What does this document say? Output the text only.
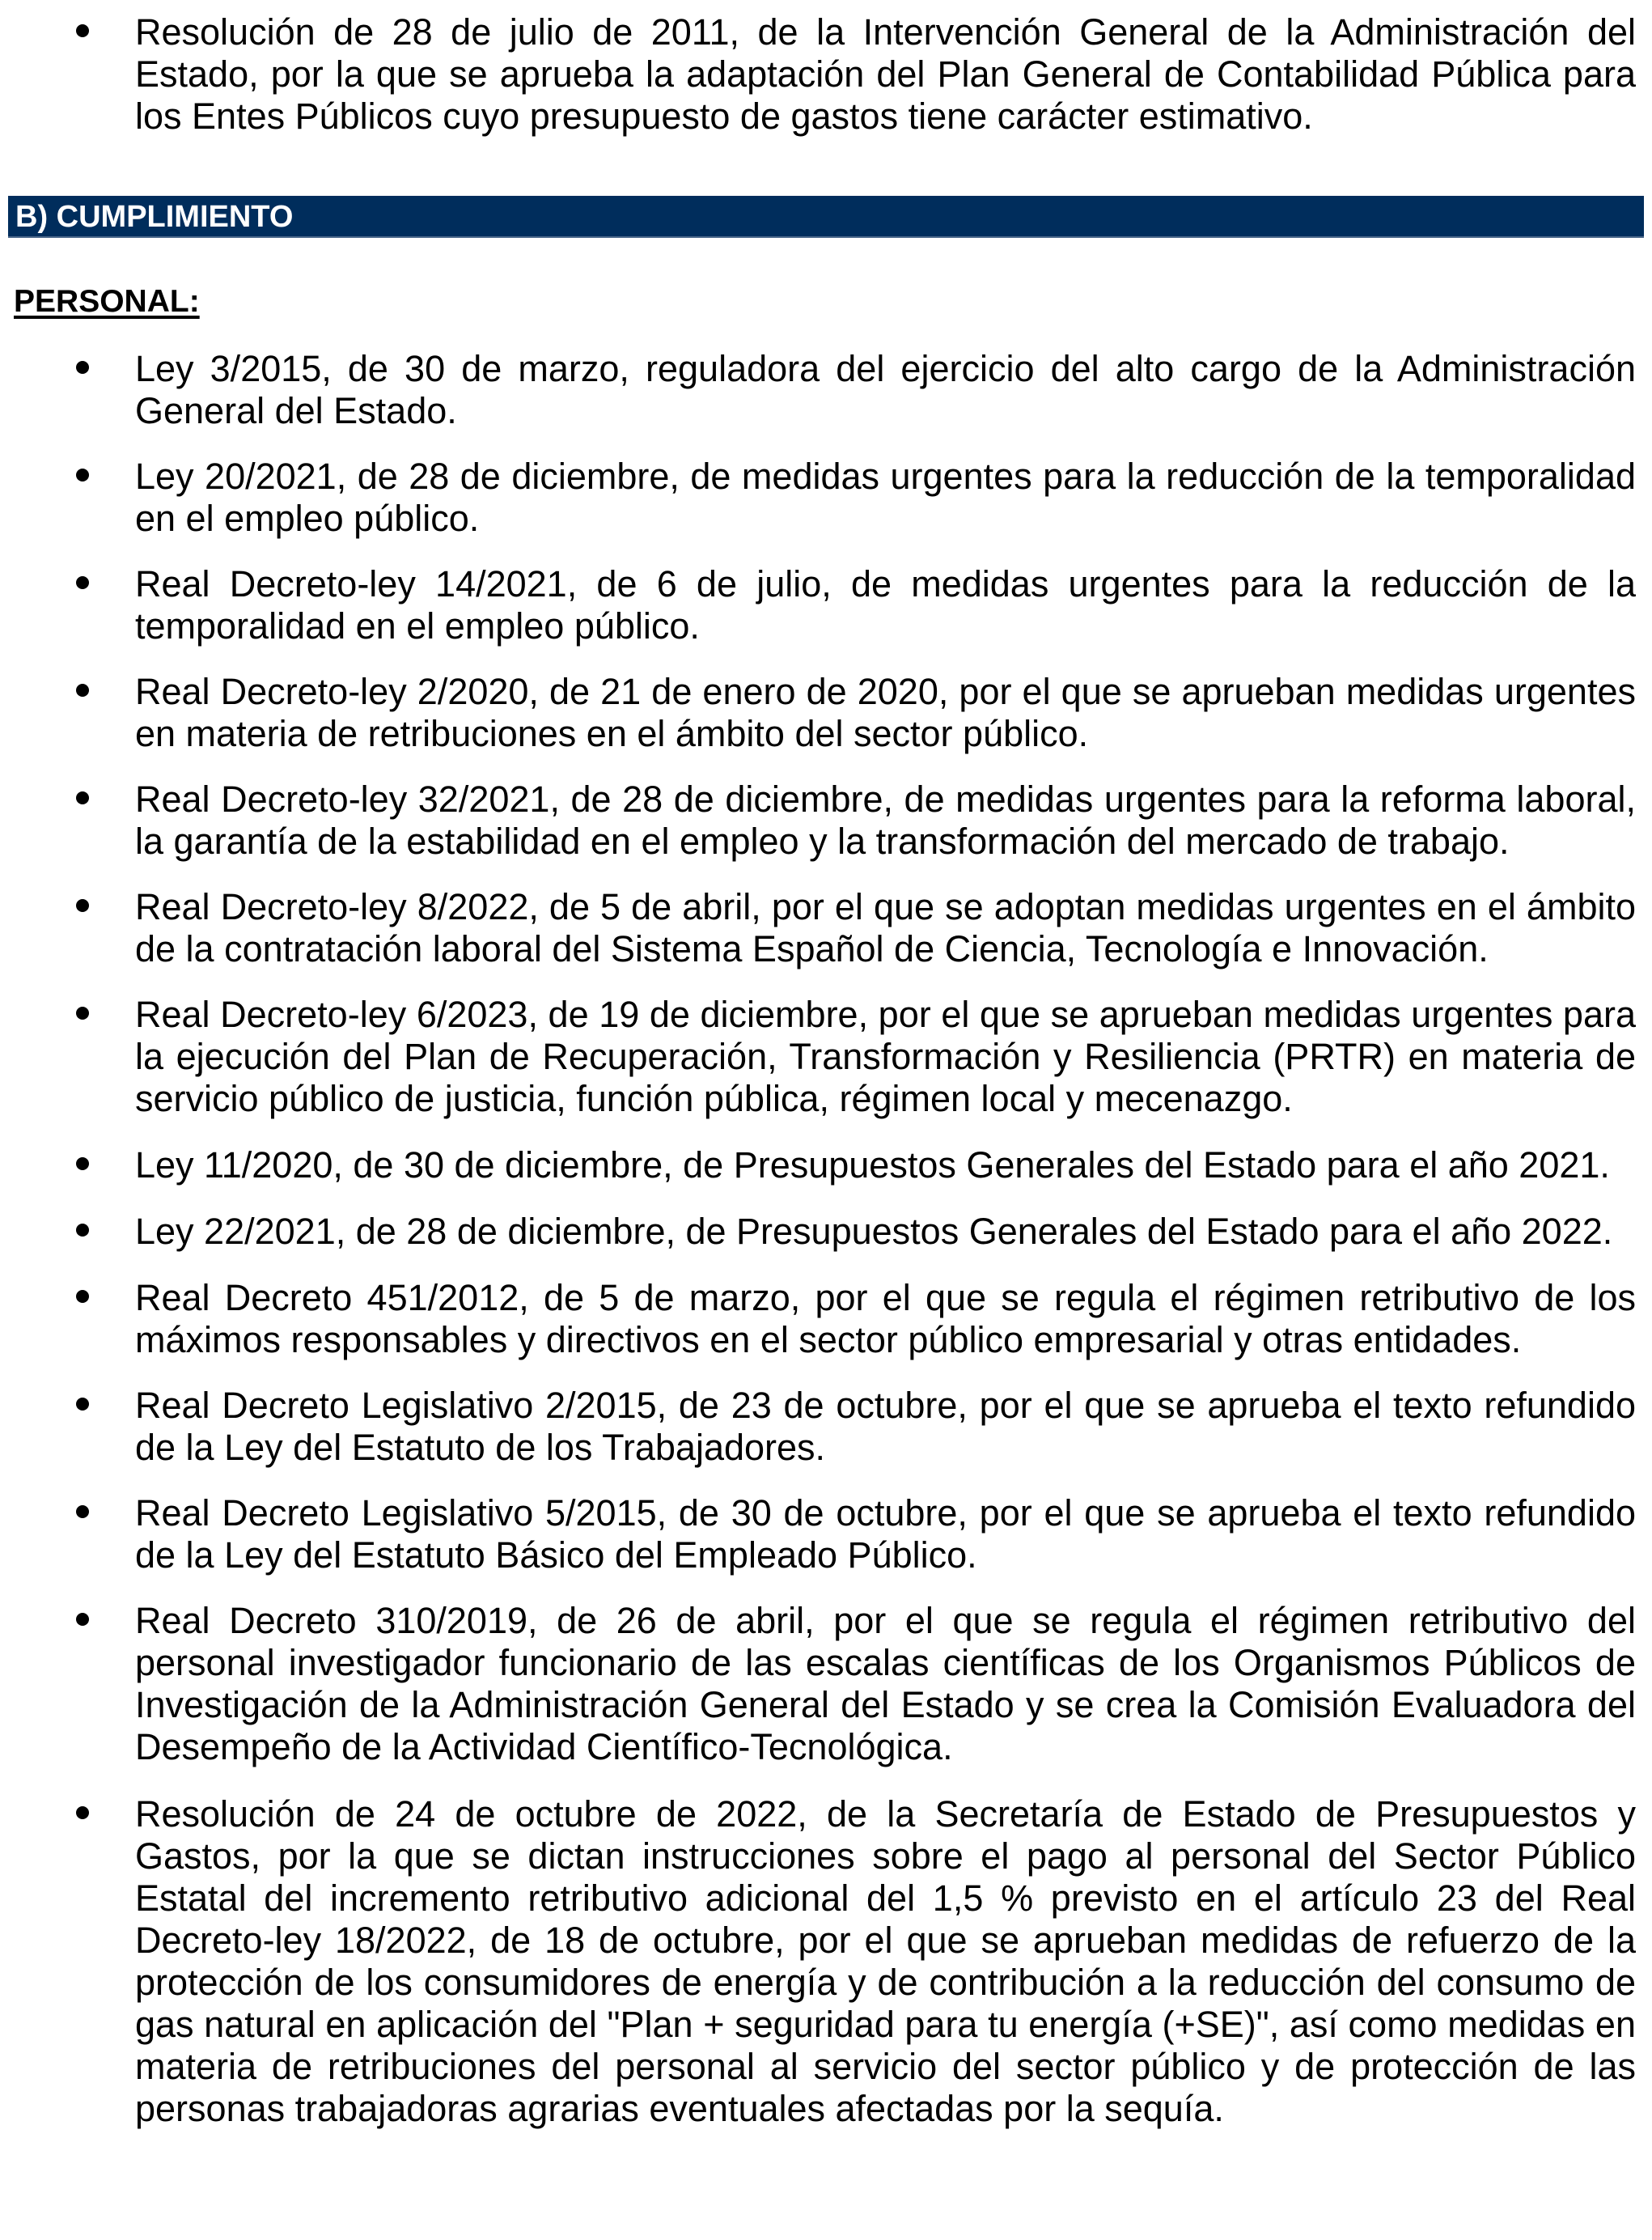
Resolución de 28 de julio de 2011, de la Intervención General de la Administración del Estado, por la que se aprueba la adaptación del Plan General de Contabilidad Pública para los Entes Públicos cuyo presupuesto de gastos tiene carácter estimativo.

B) CUMPLIMIENTO
PERSONAL:

Ley 3/2015, de 30 de marzo, reguladora del ejercicio del alto cargo de la Administración General del Estado.

Ley 20/2021, de 28 de diciembre, de medidas urgentes para la reducción de la temporalidad en el empleo público.

Real Decreto-ley 14/2021, de 6 de julio, de medidas urgentes para la reducción de la temporalidad en el empleo público.

Real Decreto-ley 2/2020, de 21 de enero de 2020, por el que se aprueban medidas urgentes en materia de retribuciones en el ámbito del sector público.

Real Decreto-ley 32/2021, de 28 de diciembre, de medidas urgentes para la reforma laboral, la garantía de la estabilidad en el empleo y la transformación del mercado de trabajo.

Real Decreto-ley 8/2022, de 5 de abril, por el que se adoptan medidas urgentes en el ámbito de la contratación laboral del Sistema Español de Ciencia, Tecnología e Innovación.

Real Decreto-ley 6/2023, de 19 de diciembre, por el que se aprueban medidas urgentes para la ejecución del Plan de Recuperación, Transformación y Resiliencia (PRTR) en materia de servicio público de justicia, función pública, régimen local y mecenazgo.

Ley 11/2020, de 30 de diciembre, de Presupuestos Generales del Estado para el año 2021.

Ley 22/2021, de 28 de diciembre, de Presupuestos Generales del Estado para el año 2022.

Real Decreto 451/2012, de 5 de marzo, por el que se regula el régimen retributivo de los máximos responsables y directivos en el sector público empresarial y otras entidades.

Real Decreto Legislativo 2/2015, de 23 de octubre, por el que se aprueba el texto refundido de la Ley del Estatuto de los Trabajadores.

Real Decreto Legislativo 5/2015, de 30 de octubre, por el que se aprueba el texto refundido de la Ley del Estatuto Básico del Empleado Público.

Real Decreto 310/2019, de 26 de abril, por el que se regula el régimen retributivo del personal investigador funcionario de las escalas científicas de los Organismos Públicos de Investigación de la Administración General del Estado y se crea la Comisión Evaluadora del Desempeño de la Actividad Científico-Tecnológica.

Resolución de 24 de octubre de 2022, de la Secretaría de Estado de Presupuestos y Gastos, por la que se dictan instrucciones sobre el pago al personal del Sector Público Estatal del incremento retributivo adicional del 1,5 % previsto en el artículo 23 del Real Decreto-ley 18/2022, de 18 de octubre, por el que se aprueban medidas de refuerzo de la protección de los consumidores de energía y de contribución a la reducción del consumo de gas natural en aplicación del "Plan + seguridad para tu energía (+SE)", así como medidas en materia de retribuciones del personal al servicio del sector público y de protección de las personas trabajadoras agrarias eventuales afectadas por la sequía.
